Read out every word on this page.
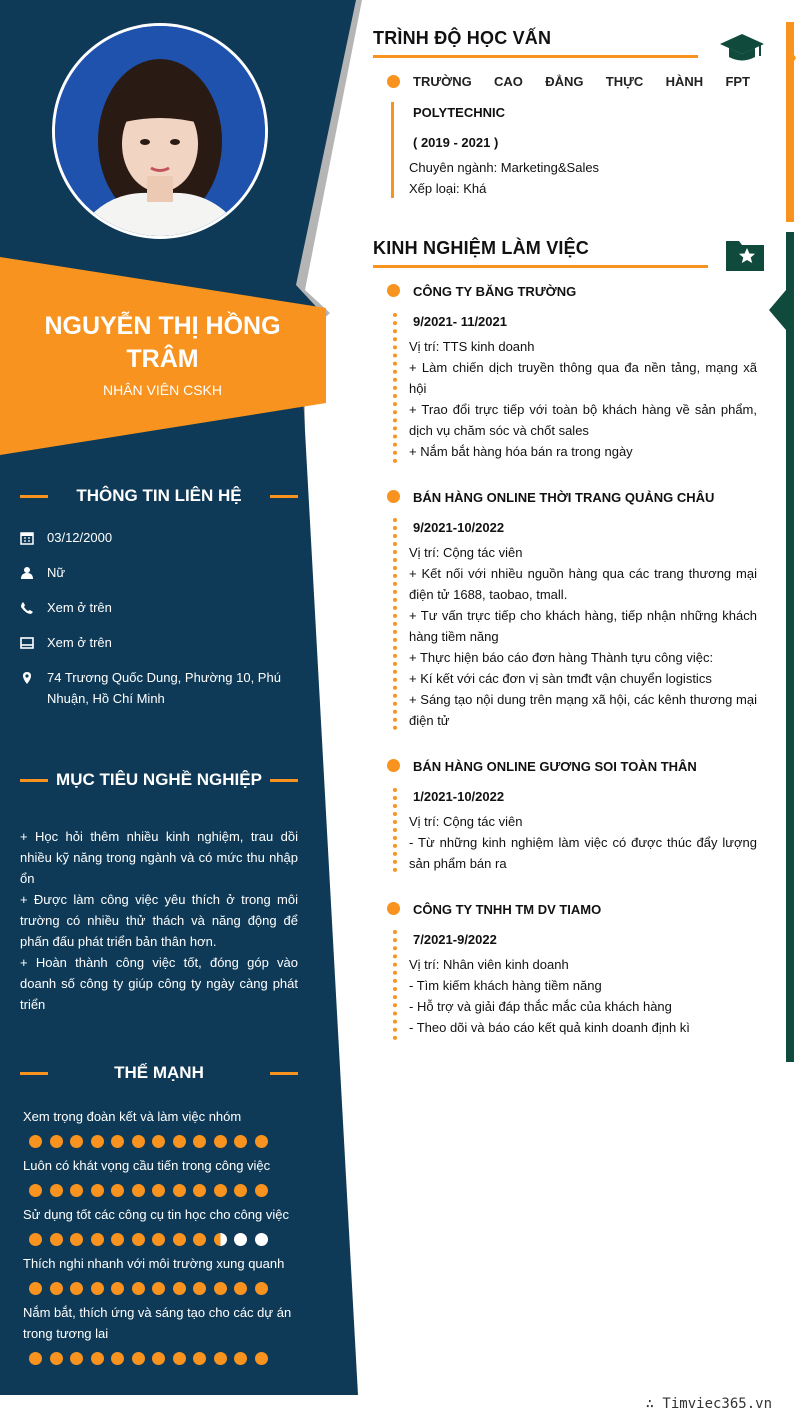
NGUYỄN THỊ HỒNG TRÂM
NHÂN VIÊN CSKH
THÔNG TIN LIÊN HỆ
03/12/2000
Nữ
Xem ở trên
Xem ở trên
74 Trương Quốc Dung, Phường 10, Phú Nhuận, Hồ Chí Minh
MỤC TIÊU NGHỀ NGHIỆP
+ Học hỏi thêm nhiều kinh nghiệm, trau dồi nhiều kỹ năng trong ngành và có mức thu nhập ổn
+ Được làm công việc yêu thích ở trong môi trường có nhiều thử thách và năng động để phấn đấu phát triển bản thân hơn.
+ Hoàn thành công việc tốt, đóng góp vào doanh số công ty giúp công ty ngày càng phát triển
THẾ MẠNH
Xem trọng đoàn kết và làm việc nhóm
Luôn có khát vọng cầu tiến trong công việc
Sử dụng tốt các công cụ tin học cho công việc
Thích nghi nhanh với môi trường xung quanh
Nắm bắt, thích ứng và sáng tạo cho các dự án trong tương lai
TRÌNH ĐỘ HỌC VẤN
TRƯỜNG CAO ĐẲNG THỰC HÀNH FPT
POLYTECHNIC
( 2019 - 2021 )
Chuyên ngành: Marketing&Sales
Xếp loại: Khá
KINH NGHIỆM LÀM VIỆC
CÔNG TY BĂNG TRƯỜNG
9/2021- 11/2021
Vị trí: TTS kinh doanh
+ Làm chiến dịch truyền thông qua đa nền tảng, mạng xã hội
+ Trao đổi trực tiếp với toàn bộ khách hàng về sản phẩm, dịch vụ chăm sóc và chốt sales
+ Nắm bắt hàng hóa bán ra trong ngày
BÁN HÀNG ONLINE THỜI TRANG QUẢNG CHÂU
9/2021-10/2022
Vị trí: Cộng tác viên
+ Kết nối với nhiều nguồn hàng qua các trang thương mại điện tử 1688, taobao, tmall.
+ Tư vấn trực tiếp cho khách hàng, tiếp nhận những khách hàng tiềm năng
+ Thực hiện báo cáo đơn hàng Thành tựu công việc:
+ Kí kết với các đơn vị sàn tmđt vận chuyển logistics
+ Sáng tạo nội dung trên mạng xã hội, các kênh thương mại điện tử
BÁN HÀNG ONLINE GƯƠNG SOI TOÀN THÂN
1/2021-10/2022
Vị trí: Cộng tác viên
- Từ những kinh nghiệm làm việc có được thúc đẩy lượng sản phẩm bán ra
CÔNG TY TNHH TM DV TIAMO
7/2021-9/2022
Vị trí: Nhân viên kinh doanh
- Tìm kiếm khách hàng tiềm năng
- Hỗ trợ và giải đáp thắc mắc của khách hàng
- Theo dõi và báo cáo kết quả kinh doanh định kì
∴ Timviec365.vn
